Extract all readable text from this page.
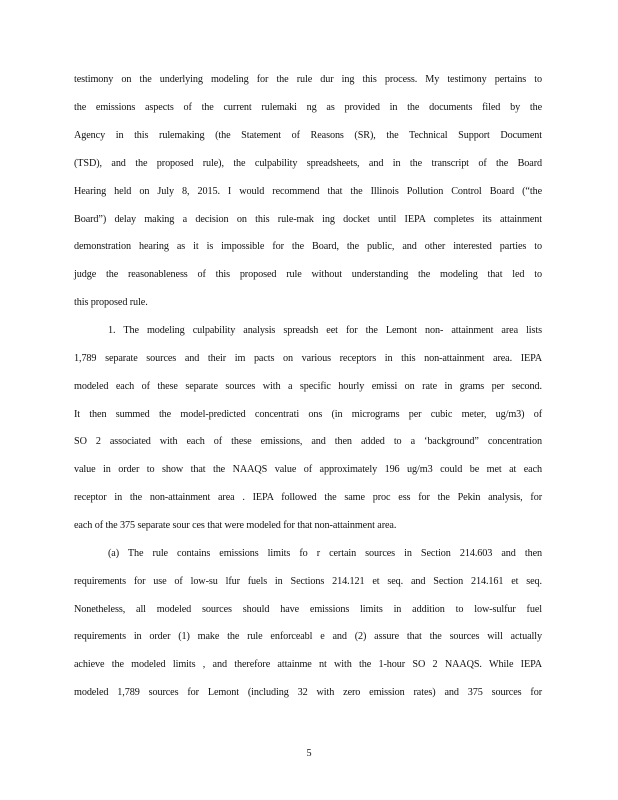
testimony on the underlying modeling for the rule dur ing this process. My testimony pertains to
the emissions aspects of the current rulemaki ng as provided in the documents filed by the
Agency in this rulemaking (the Statement of Reasons (SR), the Technical Support Document
(TSD), and the proposed rule), the culpability spreadsheets, and in the transcript of the Board
Hearing held on July 8, 2015. I would recommend that the Illinois Pollution Control Board (“the
Board”) delay making a decision on this rule-mak ing docket until IEPA completes its attainment
demonstration hearing as it is impossible for the Board, the public, and other interested parties to
judge the reasonableness of this proposed rule without understanding the modeling that led to
this proposed rule.
1. The modeling culpability analysis spreadsh eet for the Lemont non- attainment area lists
1,789 separate sources and their im pacts on various receptors in this non-attainment area. IEPA
modeled each of these separate sources with a specific hourly emissi on rate in grams per second.
It then summed the model-predicted concentrati ons (in micrograms per cubic meter, ug/m3) of
SO 2 associated with each of these emissions, and then added to a ‘background” concentration
value in order to show that the NAAQS value of approximately 196 ug/m3 could be met at each
receptor in the non-attainment area . IEPA followed the same proc ess for the Pekin analysis, for
each of the 375 separate sour ces that were modeled for that non-attainment area.
(a) The rule contains emissions limits fo r certain sources in Section 214.603 and then
requirements for use of low-su lfur fuels in Sections 214.121 et seq. and Section 214.161 et seq.
Nonetheless, all modeled sources should have emissions limits in addition to low-sulfur fuel
requirements in order (1) make the rule enforceabl e and (2) assure that the sources will actually
achieve the modeled limits , and therefore attainme nt with the 1-hour SO 2 NAAQS. While IEPA
modeled 1,789 sources for Lemont (including 32 with zero emission rates) and 375 sources for
5
